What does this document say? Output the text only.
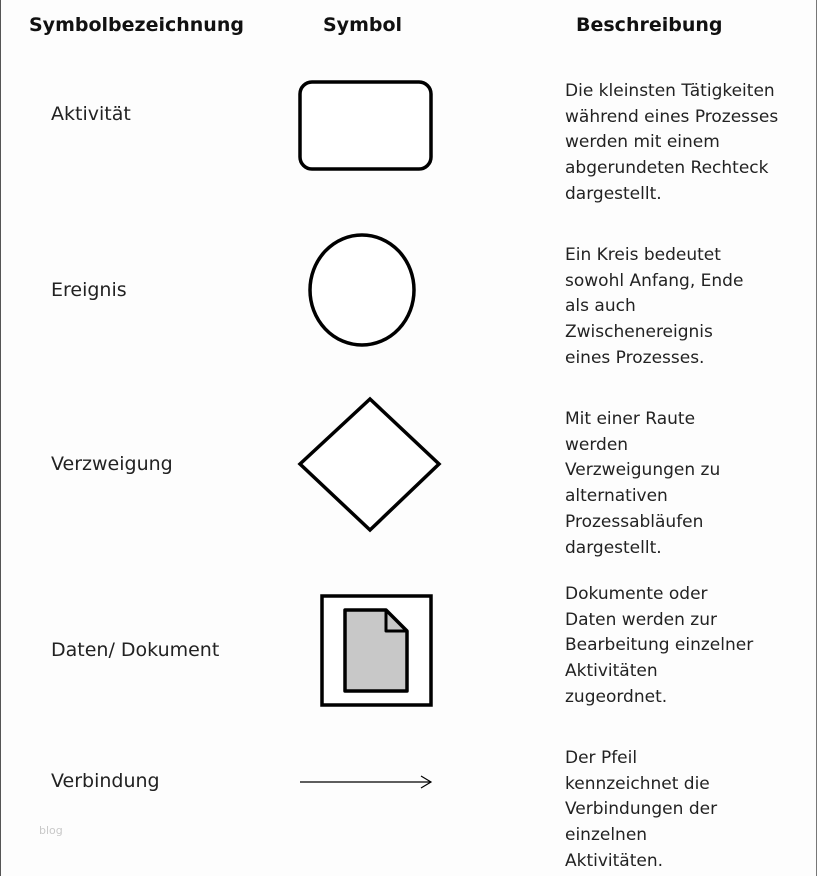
Symbolbezeichnung	Symbol	Beschreibung
Aktivität
Die kleinsten Tätigkeiten
während eines Prozesses
werden mit einem
abgerundeten Rechteck
dargestellt.
Ereignis
Ein Kreis bedeutet
sowohl Anfang, Ende
als auch
Zwischenereignis
eines Prozesses.
Verzweigung
Mit einer Raute
werden
Verzweigungen zu
alternativen
Prozessabläufen
dargestellt.
Daten/ Dokument
Dokumente oder
Daten werden zur
Bearbeitung einzelner
Aktivitäten
zugeordnet.
Verbindung
Der Pfeil
kennzeichnet die
Verbindungen der
einzelnen
Aktivitäten.
blog
